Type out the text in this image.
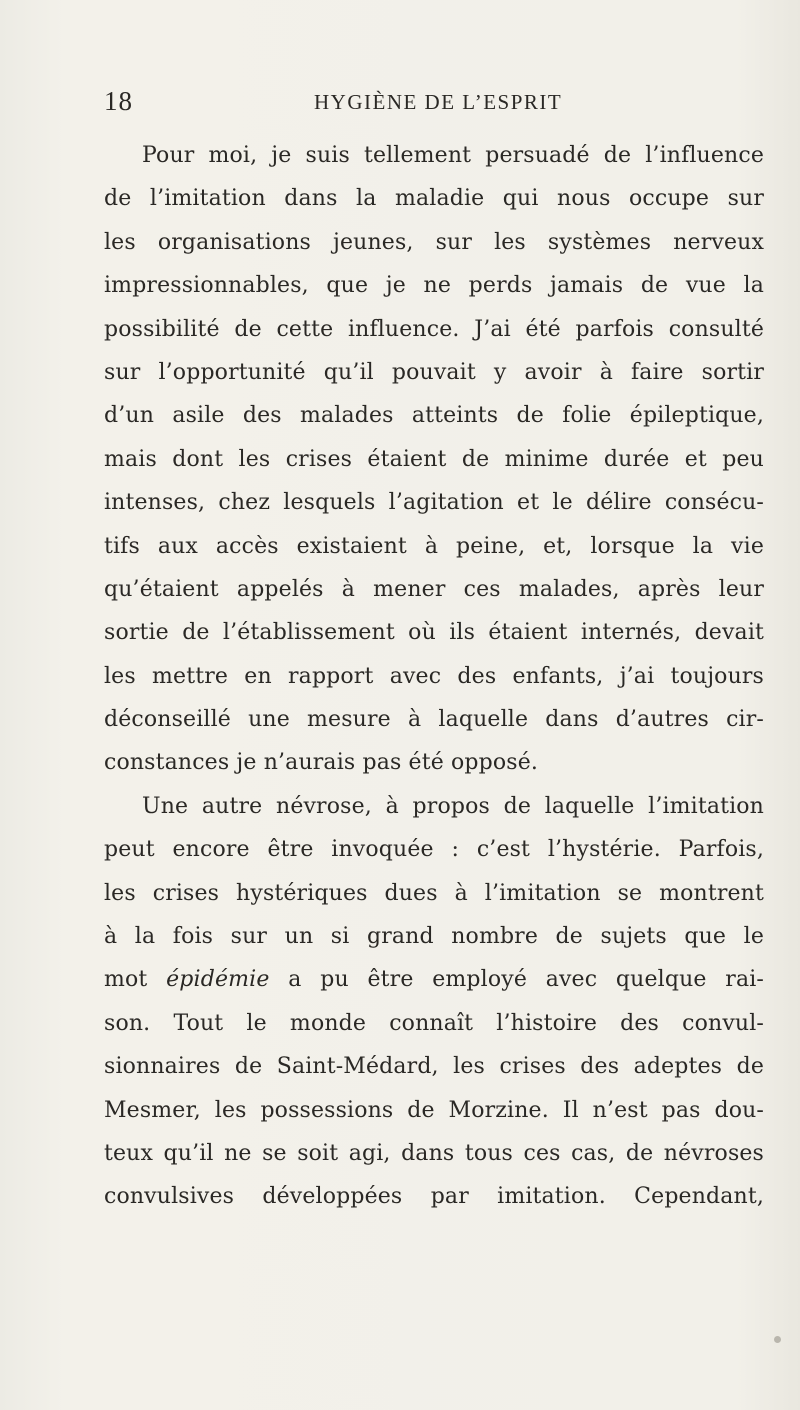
18	HYGIÈNE DE L’ESPRIT
Pour moi, je suis tellement persuadé de l’influence
de l’imitation dans la maladie qui nous occupe sur
les organisations jeunes, sur les systèmes nerveux
impressionnables, que je ne perds jamais de vue la
possibilité de cette influence. J’ai été parfois consulté
sur l’opportunité qu’il pouvait y avoir à faire sortir
d’un asile des malades atteints de folie épileptique,
mais dont les crises étaient de minime durée et peu
intenses, chez lesquels l’agitation et le délire consécu-
tifs aux accès existaient à peine, et, lorsque la vie
qu’étaient appelés à mener ces malades, après leur
sortie de l’établissement où ils étaient internés, devait
les mettre en rapport avec des enfants, j’ai toujours
déconseillé une mesure à laquelle dans d’autres cir-
constances je n’aurais pas été opposé.
Une autre névrose, à propos de laquelle l’imitation
peut encore être invoquée : c’est l’hystérie. Parfois,
les crises hystériques dues à l’imitation se montrent
à la fois sur un si grand nombre de sujets que le
mot épidémie a pu être employé avec quelque rai-
son. Tout le monde connaît l’histoire des convul-
sionnaires de Saint-Médard, les crises des adeptes de
Mesmer, les possessions de Morzine. Il n’est pas dou-
teux qu’il ne se soit agi, dans tous ces cas, de névroses
convulsives développées par imitation. Cependant,
